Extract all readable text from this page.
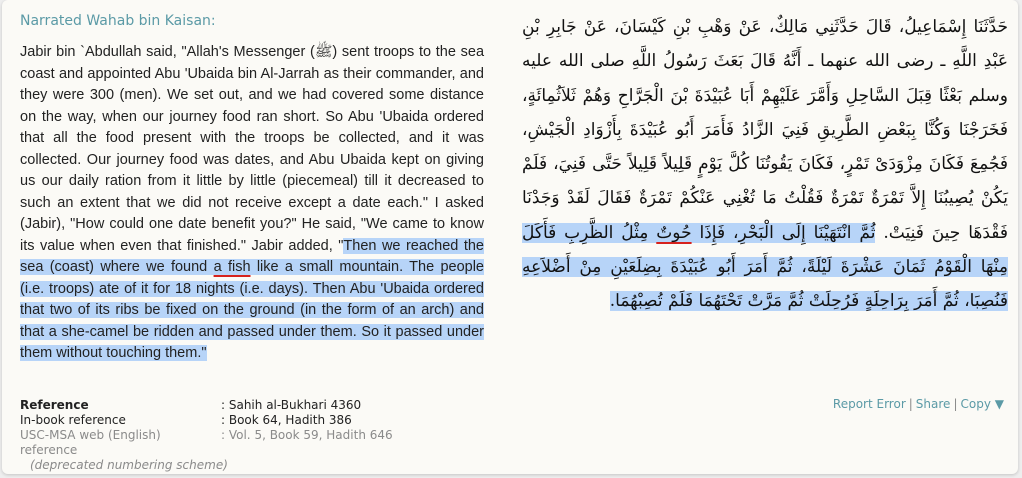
Narrated Wahab bin Kaisan:
Jabir bin `Abdullah said, "Allah's Messenger (ﷺ) sent troops to the sea coast and appointed Abu 'Ubaida bin Al-Jarrah as their commander, and they were 300 (men). We set out, and we had covered some distance on the way, when our journey food ran short. So Abu 'Ubaida ordered that all the food present with the troops be collected, and it was collected. Our journey food was dates, and Abu Ubaida kept on giving us our daily ration from it little by little (piecemeal) till it decreased to such an extent that we did not receive except a date each." I asked (Jabir), "How could one date benefit you?" He said, "We came to know its value when even that finished." Jabir added, "Then we reached the sea (coast) where we found a fish like a small mountain. The people (i.e. troops) ate of it for 18 nights (i.e. days). Then Abu 'Ubaida ordered that two of its ribs be fixed on the ground (in the form of an arch) and that a she-camel be ridden and passed under them. So it passed under them without touching them."
حَدَّثَنَا إِسْمَاعِيلُ، قَالَ حَدَّثَنِي مَالِكٌ، عَنْ وَهْبِ بْنِ كَيْسَانَ، عَنْ جَابِرِ بْنِ عَبْدِ اللَّهِ ـ رضى الله عنهما ـ أَنَّهُ قَالَ بَعَثَ رَسُولُ اللَّهِ صلى الله عليه وسلم بَعْثًا قِبَلَ السَّاحِلِ وَأَمَّرَ عَلَيْهِمْ أَبَا عُبَيْدَةَ بْنَ الْجَرَّاحِ وَهُمْ ثَلاَثُمِائَةٍ، فَخَرَجْنَا وَكُنَّا بِبَعْضِ الطَّرِيقِ فَنِيَ الزَّادُ فَأَمَرَ أَبُو عُبَيْدَةَ بِأَزْوَادِ الْجَيْشِ، فَجُمِعَ فَكَانَ مِزْوَدَىْ تَمْرٍ، فَكَانَ يَقُوتُنَا كُلَّ يَوْمٍ قَلِيلاً قَلِيلاً حَتَّى فَنِيَ، فَلَمْ يَكُنْ يُصِيبُنَا إِلاَّ تَمْرَةٌ تَمْرَةٌ فَقُلْتُ مَا تُغْنِي عَنْكُمْ تَمْرَةٌ فَقَالَ لَقَدْ وَجَدْنَا فَقْدَهَا حِينَ فَنِيَتْ. ثُمَّ انْتَهَيْنَا إِلَى الْبَحْرِ، فَإِذَا حُوتٌ مِثْلُ الظَّرِبِ فَأَكَلَ مِنْهَا الْقَوْمُ ثَمَانَ عَشْرَةَ لَيْلَةً، ثُمَّ أَمَرَ أَبُو عُبَيْدَةَ بِضِلَعَيْنِ مِنْ أَضْلاَعِهِ فَنُصِبَا، ثُمَّ أَمَرَ بِرَاحِلَةٍ فَرُحِلَتْ ثُمَّ مَرَّتْ تَحْتَهُمَا فَلَمْ تُصِبْهُمَا.
Reference	: Sahih al-Bukhari 4360
In-book reference	: Book 64, Hadith 386
USC-MSA web (English) reference
: Vol. 5, Book 59, Hadith 646
(deprecated numbering scheme)
Report Error | Share | Copy ▼
